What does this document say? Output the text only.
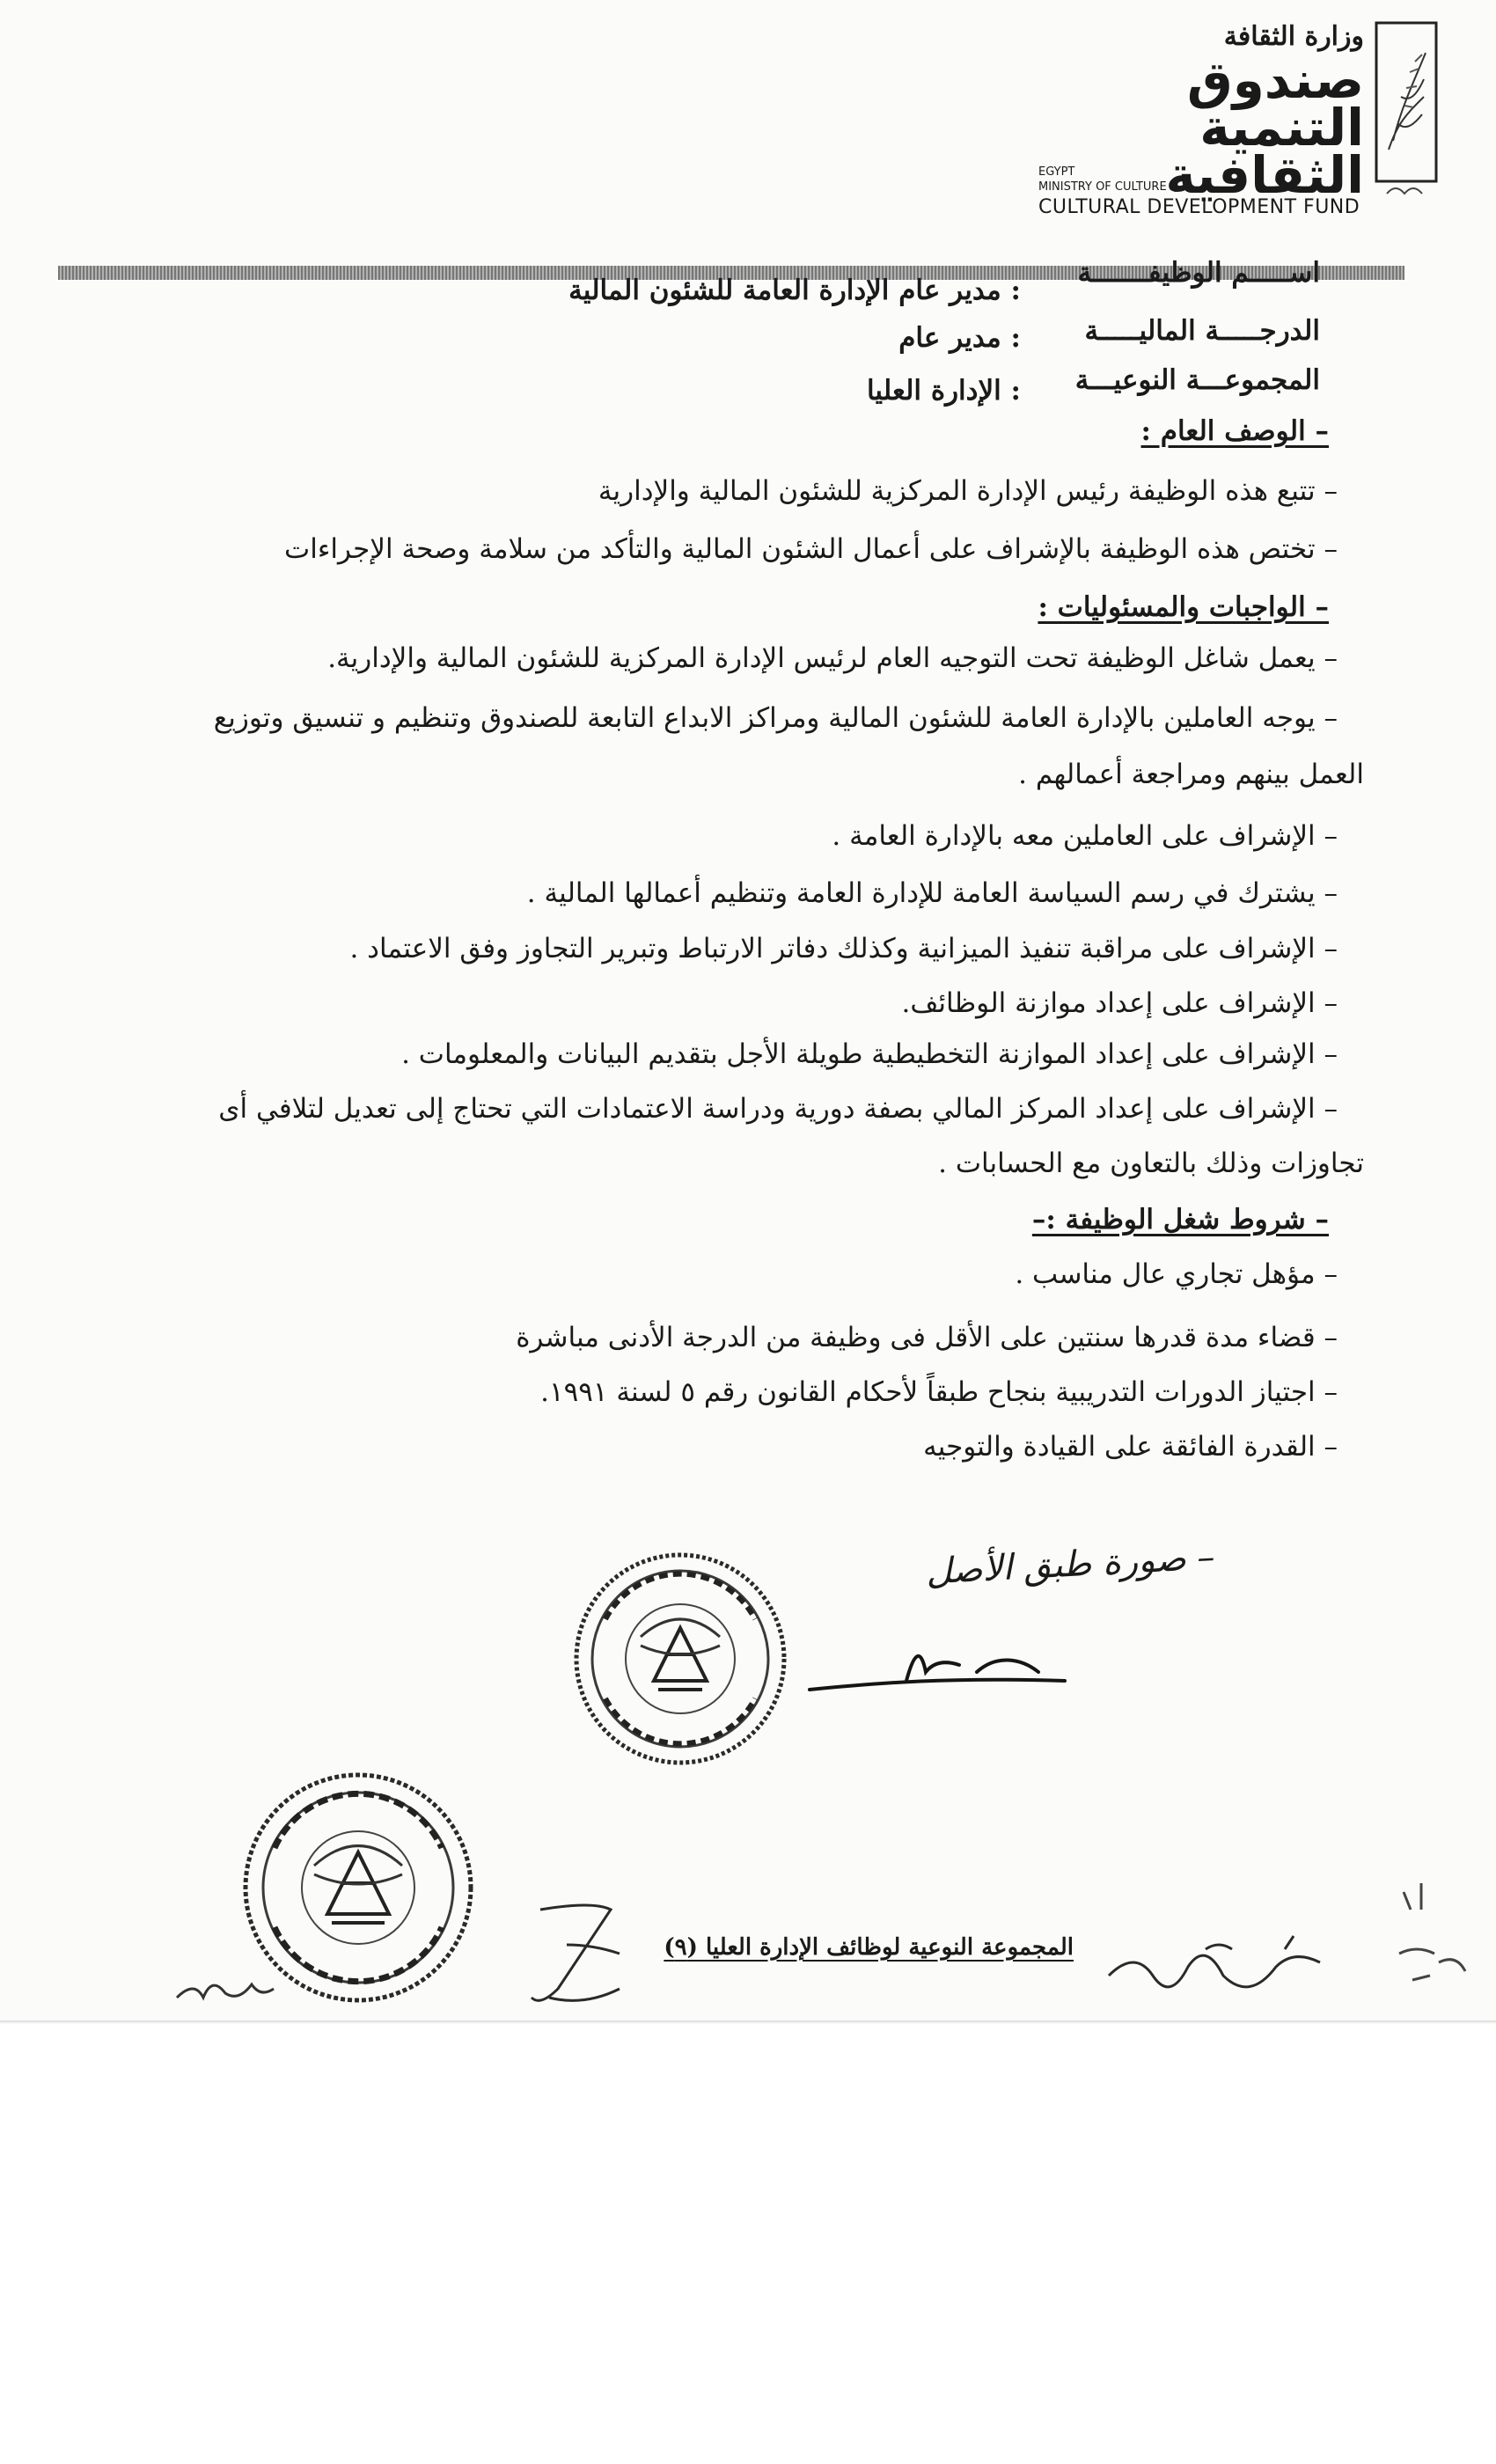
وزارة الثقافة
صندوق
التنمية
الثقافية
EGYPT
MINISTRY OF CULTURE
CULTURAL DEVELOPMENT FUND
اســـــم الوظيفـــــــة
: مدير عام الإدارة العامة للشئون المالية
الدرجـــــة الماليـــــة
: مدير عام
المجموعـــة النوعيـــة
: الإدارة العليا
– الوصف العام :
– تتبع هذه الوظيفة رئيس الإدارة المركزية للشئون المالية والإدارية
– تختص هذه الوظيفة بالإشراف على أعمال الشئون المالية والتأكد من سلامة وصحة الإجراءات
– الواجبات والمسئوليات :
– يعمل شاغل الوظيفة تحت التوجيه العام لرئيس الإدارة المركزية للشئون المالية والإدارية.
– يوجه العاملين بالإدارة العامة للشئون المالية ومراكز الابداع التابعة للصندوق وتنظيم و تنسيق وتوزيع
العمل بينهم ومراجعة أعمالهم .
– الإشراف على العاملين معه بالإدارة العامة .
– يشترك في رسم السياسة العامة للإدارة العامة وتنظيم أعمالها المالية .
– الإشراف على مراقبة تنفيذ الميزانية وكذلك دفاتر الارتباط وتبرير التجاوز وفق الاعتماد .
– الإشراف على إعداد موازنة الوظائف.
– الإشراف على إعداد الموازنة التخطيطية طويلة الأجل بتقديم البيانات والمعلومات .
– الإشراف على إعداد المركز المالي بصفة دورية ودراسة الاعتمادات التي تحتاج إلى تعديل لتلافي أى
تجاوزات وذلك بالتعاون مع الحسابات .
– شروط شغل الوظيفة :–
– مؤهل تجاري عال مناسب .
– قضاء مدة قدرها سنتين على الأقل فى وظيفة من الدرجة الأدنى مباشرة
– اجتياز الدورات التدريبية بنجاح طبقاً لأحكام القانون رقم ٥ لسنة ١٩٩١.
– القدرة الفائقة على القيادة والتوجيه
– صورة طبق الأصل
المجموعة النوعية لوظائف الإدارة العليا (٩)
